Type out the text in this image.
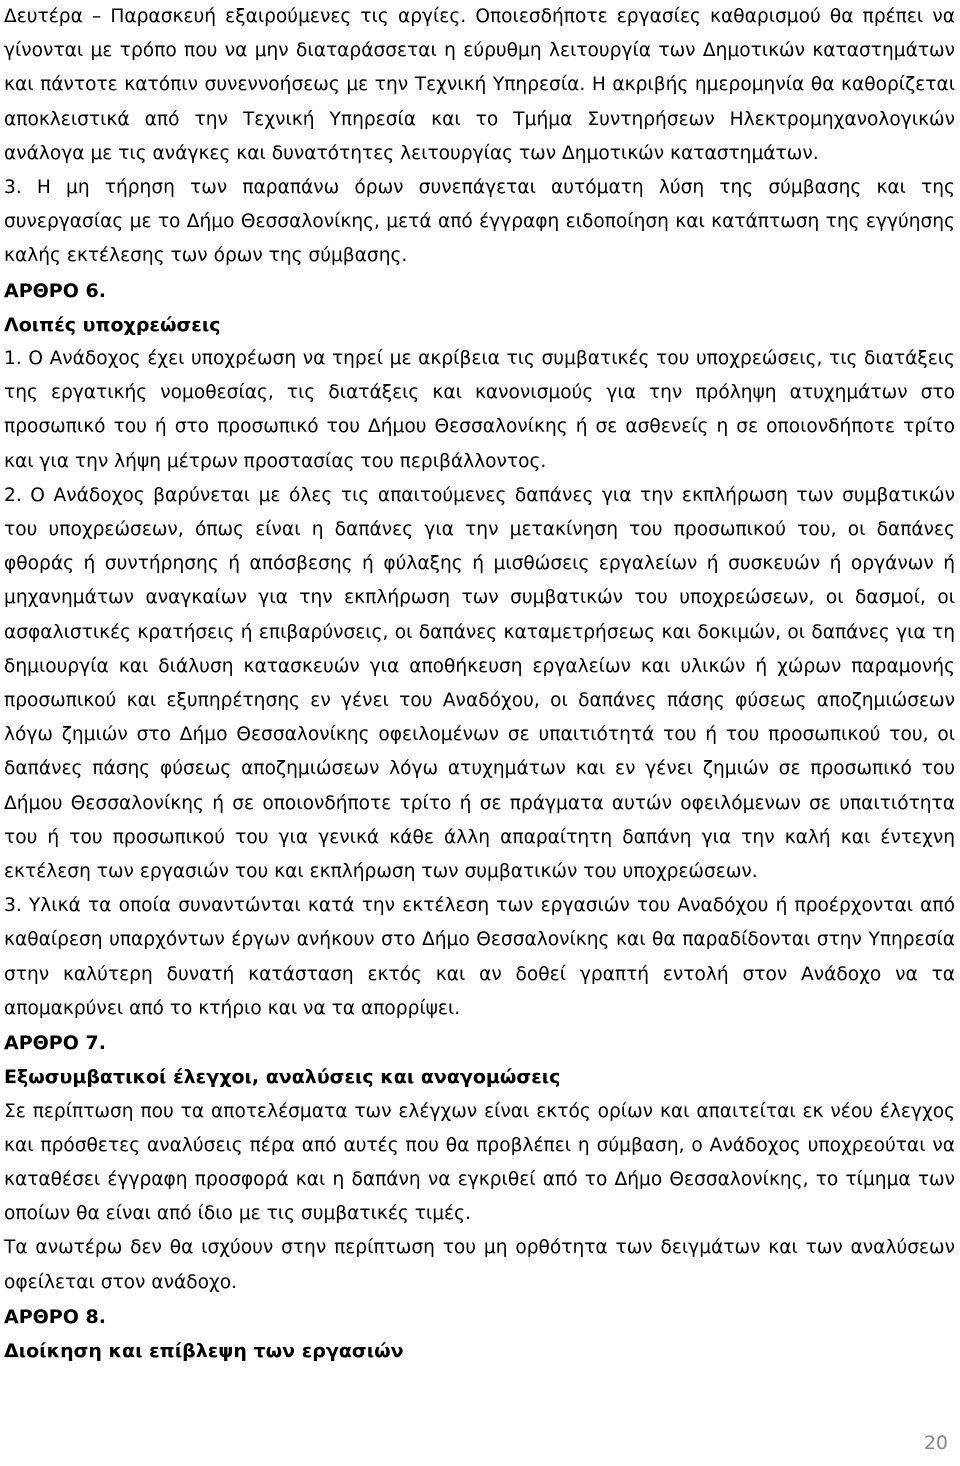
Δευτέρα – Παρασκευή εξαιρούμενες τις αργίες. Οποιεσδήποτε εργασίες καθαρισμού θα πρέπει να γίνονται με τρόπο που να μην διαταράσσεται η εύρυθμη λειτουργία των Δημοτικών καταστημάτων και πάντοτε κατόπιν συνεννοήσεως με την Τεχνική Υπηρεσία. Η ακριβής ημερομηνία θα καθορίζεται αποκλειστικά από την Τεχνική Υπηρεσία και το Τμήμα Συντηρήσεων Ηλεκτρομηχανολογικών ανάλογα με τις ανάγκες και δυνατότητες λειτουργίας των Δημοτικών καταστημάτων.

3. Η μη τήρηση των παραπάνω όρων συνεπάγεται αυτόματη λύση της σύμβασης και της συνεργασίας με το Δήμο Θεσσαλονίκης, μετά από έγγραφη ειδοποίηση και κατάπτωση της εγγύησης καλής εκτέλεσης των όρων της σύμβασης.

ΑΡΘΡΟ 6.

Λοιπές υποχρεώσεις

1. Ο Ανάδοχος έχει υποχρέωση να τηρεί με ακρίβεια τις συμβατικές του υποχρεώσεις, τις διατάξεις της εργατικής νομοθεσίας, τις διατάξεις και κανονισμούς για την πρόληψη ατυχημάτων στο προσωπικό του ή στο προσωπικό του Δήμου Θεσσαλονίκης ή σε ασθενείς η σε οποιονδήποτε τρίτο και για την λήψη μέτρων προστασίας του περιβάλλοντος.

2. Ο Ανάδοχος βαρύνεται με όλες τις απαιτούμενες δαπάνες για την εκπλήρωση των συμβατικών του υποχρεώσεων, όπως είναι η δαπάνες για την μετακίνηση του προσωπικού του, οι δαπάνες φθοράς ή συντήρησης ή απόσβεσης ή φύλαξης ή μισθώσεις εργαλείων ή συσκευών ή οργάνων ή μηχανημάτων αναγκαίων για την εκπλήρωση των συμβατικών του υποχρεώσεων, οι δασμοί, οι ασφαλιστικές κρατήσεις ή επιβαρύνσεις, οι δαπάνες καταμετρήσεως και δοκιμών, οι δαπάνες για τη δημιουργία και διάλυση κατασκευών για αποθήκευση εργαλείων και υλικών ή χώρων παραμονής προσωπικού και εξυπηρέτησης εν γένει του Αναδόχου, οι δαπάνες πάσης φύσεως αποζημιώσεων λόγω ζημιών στο Δήμο Θεσσαλονίκης οφειλομένων σε υπαιτιότητά του ή του προσωπικού του, οι δαπάνες πάσης φύσεως αποζημιώσεων λόγω ατυχημάτων και εν γένει ζημιών σε προσωπικό του Δήμου Θεσσαλονίκης ή σε οποιονδήποτε τρίτο ή σε πράγματα αυτών οφειλόμενων σε υπαιτιότητα του ή του προσωπικού του για γενικά κάθε άλλη απαραίτητη δαπάνη για την καλή και έντεχνη εκτέλεση των εργασιών του και εκπλήρωση των συμβατικών του υποχρεώσεων.

3. Υλικά τα οποία συναντώνται κατά την εκτέλεση των εργασιών του Αναδόχου ή προέρχονται από καθαίρεση υπαρχόντων έργων ανήκουν στο Δήμο Θεσσαλονίκης και θα παραδίδονται στην Υπηρεσία στην καλύτερη δυνατή κατάσταση εκτός και αν δοθεί γραπτή εντολή στον Ανάδοχο να τα απομακρύνει από το κτήριο και να τα απορρίψει.

ΑΡΘΡΟ 7.

Εξωσυμβατικοί έλεγχοι, αναλύσεις και αναγομώσεις

Σε περίπτωση που τα αποτελέσματα των ελέγχων είναι εκτός ορίων και απαιτείται εκ νέου έλεγχος και πρόσθετες αναλύσεις πέρα από αυτές που θα προβλέπει η σύμβαση, ο Ανάδοχος υποχρεούται να καταθέσει έγγραφη προσφορά και η δαπάνη να εγκριθεί από το Δήμο Θεσσαλονίκης, το τίμημα των οποίων θα είναι από ίδιο με τις συμβατικές τιμές.

Τα ανωτέρω δεν θα ισχύουν στην περίπτωση του μη ορθότητα των δειγμάτων και των αναλύσεων οφείλεται στον ανάδοχο.

ΑΡΘΡΟ 8.

Διοίκηση και επίβλεψη των εργασιών

20
